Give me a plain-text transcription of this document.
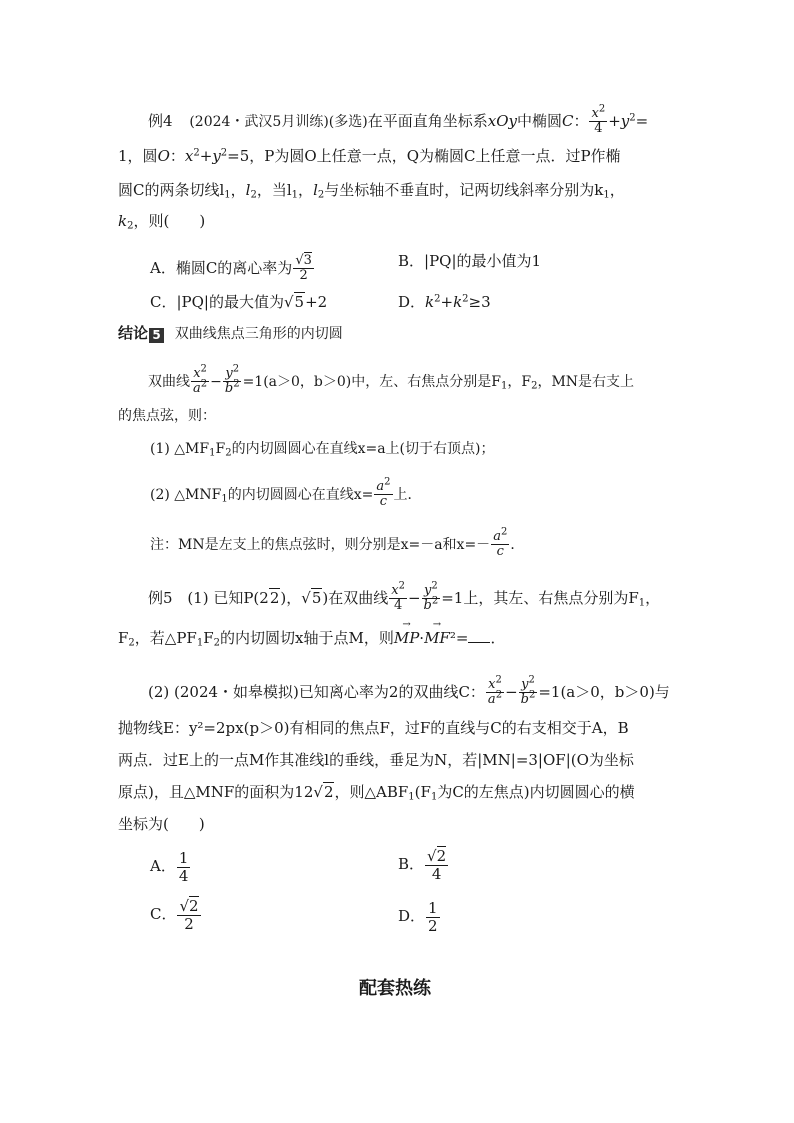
例4 (2024・武汉5月训练)(多选)在平面直角坐标系xOy中椭圆C： $\frac{x^2}{4} +y^2=$
1，圆O：$x^2+y^2=5$，P为圆O上任意一点，Q为椭圆C上任意一点．过P作椭
圆C的两条切线$l_1$，$l_2$，当$l_1$，$l_2$与坐标轴不垂直时，记两切线斜率分别为$k_1$，
$k_2$，则(　　)
A．椭圆C的离心率为 $\frac{√3}{2}$	B．|PQ|的最小值为1
C．|PQ|的最大值为√5+2	D．$k^2+k^2\ge 3$
结论 5 双曲线焦点三角形的内切圆
双曲线 $\frac{x^2}{a^2} - \frac{y^2}{b^2} =1(a>0$，b＞0)中，左、右焦点分别是$F_1$，$F_2$，MN是右支上
的焦点弦，则：
(1) $\triangle MF_1F_2$的内切圆圆心在直线x=a上(切于右顶点)；
(2) $\triangle MNF_1$的内切圆圆心在直线$x= \frac{a^2}{c}$ 上．
注：MN是左支上的焦点弦时，则分别是x=－a和$x=- \frac{a^2}{c}$ ．
例5 (1) 已知P(22)，√5)在双曲线 $\frac{x^2}{4} - \frac{y^2}{b^2} =1$上，其左、右焦点分别为$F_1$，
$F_2$，若$\triangle PF_1F_2$的内切圆切x轴于点M，则→ MP·→ MF²= ．
(2) (2024・如皋模拟)已知离心率为2的双曲线C： $\frac{x^2}{a^2} - \frac{y^2}{b^2} =1(a>0$，b＞0)与
抛物线E：y²=2px(p＞0)有相同的焦点F，过F的直线与C的右支相交于A，B
两点．过E上的一点M作其准线l的垂线，垂足为N，若|MN|=3|OF|(O为坐标
原点)，且△MNF的面积为12√2，则$\triangle ABF_1(F_1$为C的左焦点)内切圆圆心的横
坐标为(　　)
A． $\frac{1}{4}$	B． $\frac{√2}{4}$
C． $\frac{√2}{2}$	D． $\frac{1}{2}$
配套热练
